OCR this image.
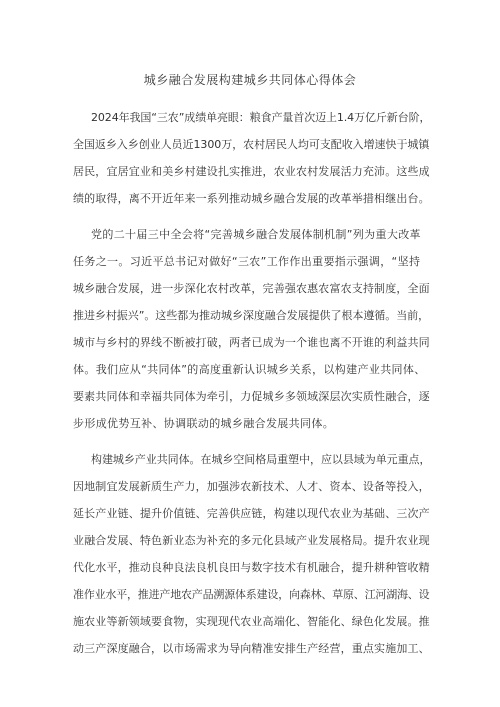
城乡融合发展构建城乡共同体心得体会
2024年我国“三农”成绩单亮眼：粮食产量首次迈上1.4万亿斤新台阶，
全国返乡入乡创业人员近1300万，农村居民人均可支配收入增速快于城镇
居民，宜居宜业和美乡村建设扎实推进，农业农村发展活力充沛。这些成
绩的取得，离不开近年来一系列推动城乡融合发展的改革举措相继出台。
党的二十届三中全会将“完善城乡融合发展体制机制”列为重大改革
任务之一。习近平总书记对做好“三农”工作作出重要指示强调，“坚持
城乡融合发展，进一步深化农村改革，完善强农惠农富农支持制度，全面
推进乡村振兴”。这些都为推动城乡深度融合发展提供了根本遵循。当前，
城市与乡村的界线不断被打破，两者已成为一个谁也离不开谁的利益共同
体。我们应从“共同体”的高度重新认识城乡关系，以构建产业共同体、
要素共同体和幸福共同体为牵引，力促城乡多领域深层次实质性融合，逐
步形成优势互补、协调联动的城乡融合发展共同体。
构建城乡产业共同体。在城乡空间格局重塑中，应以县域为单元重点，
因地制宜发展新质生产力，加强涉农新技术、人才、资本、设备等投入，
延长产业链、提升价值链、完善供应链，构建以现代农业为基础、三次产
业融合发展、特色新业态为补充的多元化县域产业发展格局。提升农业现
代化水平，推动良种良法良机良田与数字技术有机融合，提升耕种管收精
准作业水平，推进产地农产品溯源体系建设，向森林、草原、江河湖海、设
施农业等新领域要食物，实现现代农业高端化、智能化、绿色化发展。推
动三产深度融合，以市场需求为导向精准安排生产经营，重点实施加工、
